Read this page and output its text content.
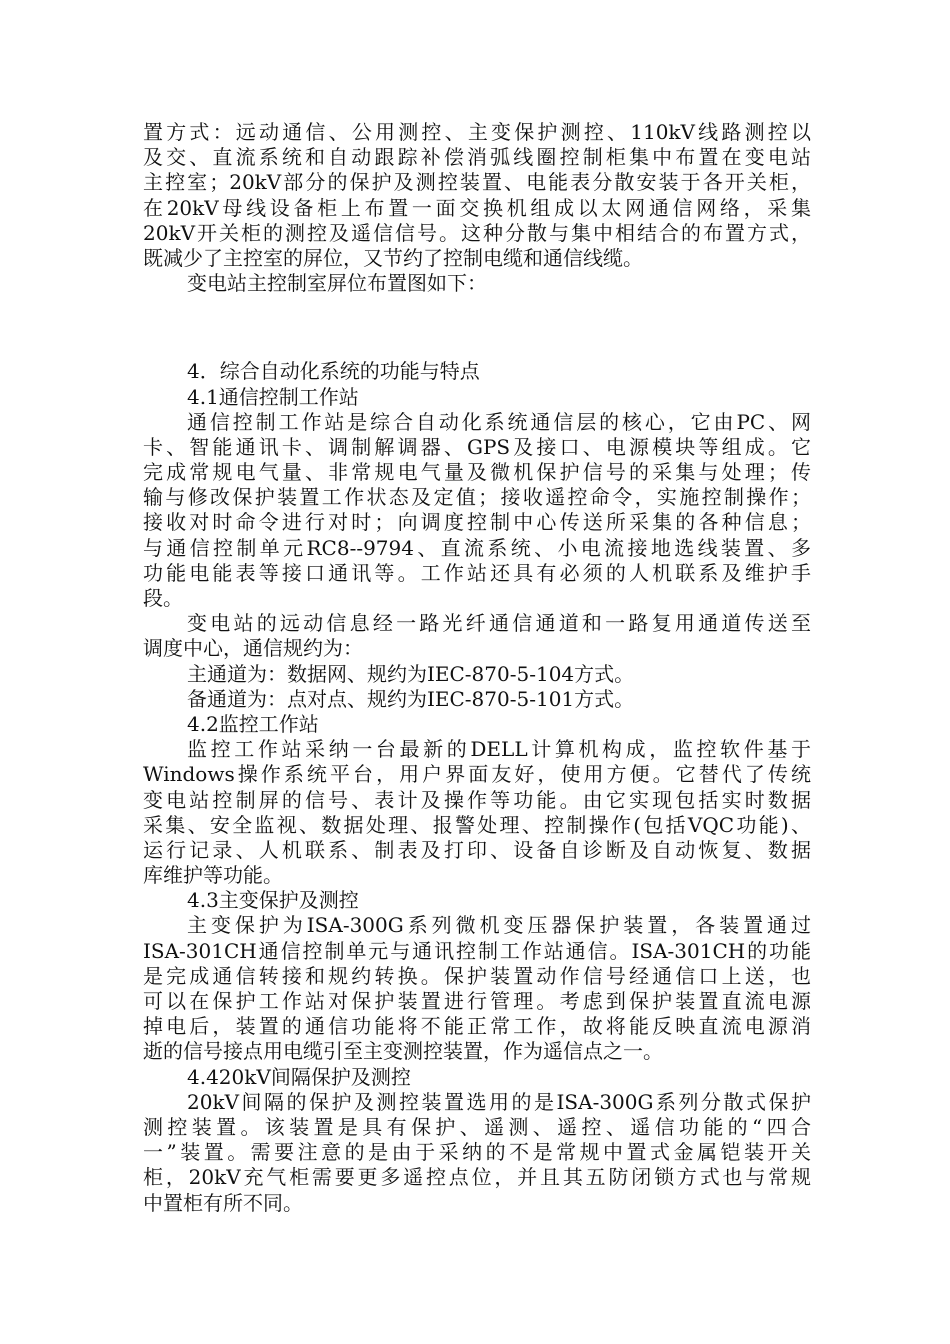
置方式：远动通信、公用测控、主变保护测控、110kV线路测控以
及交、直流系统和自动跟踪补偿消弧线圈控制柜集中布置在变电站
主控室；20kV部分的保护及测控装置、电能表分散安装于各开关柜，
在20kV母线设备柜上布置一面交换机组成以太网通信网络，采集
20kV开关柜的测控及遥信信号。这种分散与集中相结合的布置方式，
既减少了主控室的屏位，又节约了控制电缆和通信线缆。
变电站主控制室屏位布置图如下：
4．综合自动化系统的功能与特点
4.1通信控制工作站
通信控制工作站是综合自动化系统通信层的核心，它由PC、网
卡、智能通讯卡、调制解调器、GPS及接口、电源模块等组成。它
完成常规电气量、非常规电气量及微机保护信号的采集与处理；传
输与修改保护装置工作状态及定值；接收遥控命令，实施控制操作；
接收对时命令进行对时；向调度控制中心传送所采集的各种信息；
与通信控制单元RC8--9794、直流系统、小电流接地选线装置、多
功能电能表等接口通讯等。工作站还具有必须的人机联系及维护手
段。
变电站的远动信息经一路光纤通信通道和一路复用通道传送至
调度中心，通信规约为：
主通道为：数据网、规约为IEC-870-5-104方式。
备通道为：点对点、规约为IEC-870-5-101方式。
4.2监控工作站
监控工作站采纳一台最新的DELL计算机构成，监控软件基于
Windows操作系统平台，用户界面友好，使用方便。它替代了传统
变电站控制屏的信号、表计及操作等功能。由它实现包括实时数据
采集、安全监视、数据处理、报警处理、控制操作(包括VQC功能)、
运行记录、人机联系、制表及打印、设备自诊断及自动恢复、数据
库维护等功能。
4.3主变保护及测控
主变保护为ISA-300G系列微机变压器保护装置，各装置通过
ISA-301CH通信控制单元与通讯控制工作站通信。ISA-301CH的功能
是完成通信转接和规约转换。保护装置动作信号经通信口上送，也
可以在保护工作站对保护装置进行管理。考虑到保护装置直流电源
掉电后，装置的通信功能将不能正常工作，故将能反映直流电源消
逝的信号接点用电缆引至主变测控装置，作为遥信点之一。
4.420kV间隔保护及测控
20kV间隔的保护及测控装置选用的是ISA-300G系列分散式保护
测控装置。该装置是具有保护、遥测、遥控、遥信功能的“四合
一”装置。需要注意的是由于采纳的不是常规中置式金属铠装开关
柜，20kV充气柜需要更多遥控点位，并且其五防闭锁方式也与常规
中置柜有所不同。
